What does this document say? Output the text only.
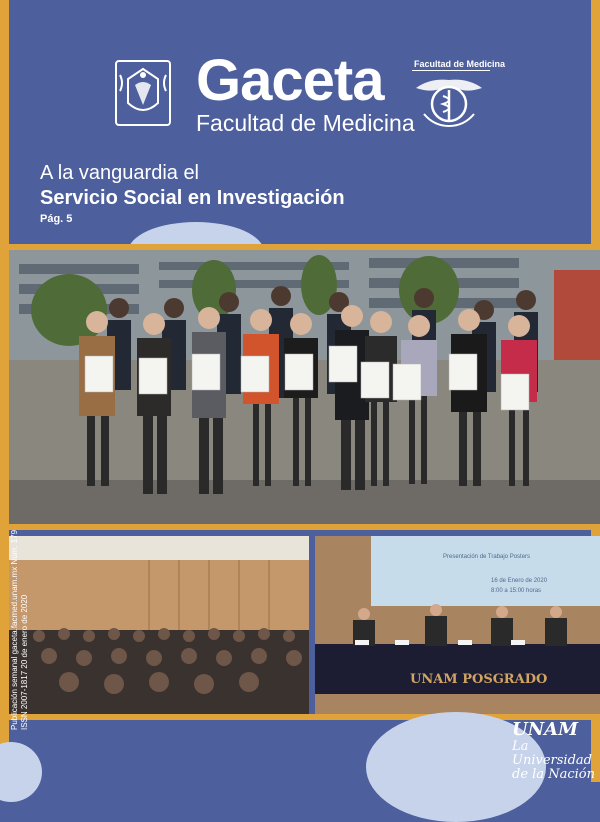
Gaceta
Facultad de Medicina
Facultad de Medicina
A la vanguardia el
Servicio Social en Investigación
Pág. 5
Presentación de Trabajo Posters
16 de Enero de 2020
8:00 a 15:00 horas
UNAM POSGRADO
Publicación semanal gaceta.facmed.unam.mx Núm. 179 ISSN 2007-1817 20 de enero de 2020	UNAM
La Universidad de la Nación
